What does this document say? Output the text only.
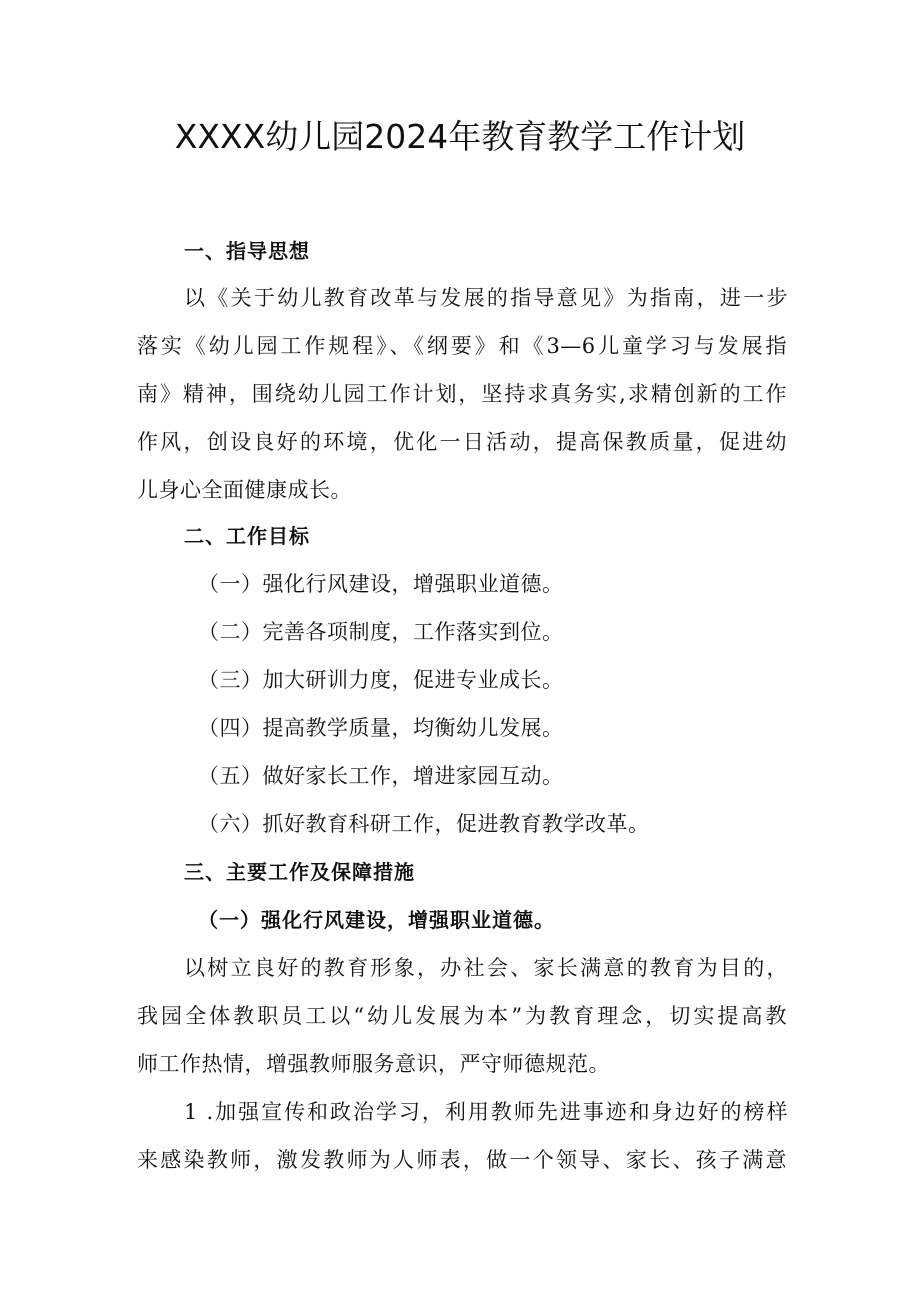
XXXX幼儿园2024年教育教学工作计划
一、指导思想
以《关于幼儿教育改革与发展的指导意见》为指南，进一步
落实《幼儿园工作规程》、《纲要》和《3—6儿童学习与发展指
南》精神，围绕幼儿园工作计划，坚持求真务实,求精创新的工作
作风，创设良好的环境，优化一日活动，提高保教质量，促进幼
儿身心全面健康成长。
二、工作目标
（一）强化行风建设，增强职业道德。
（二）完善各项制度，工作落实到位。
（三）加大研训力度，促进专业成长。
（四）提高教学质量，均衡幼儿发展。
（五）做好家长工作，增进家园互动。
（六）抓好教育科研工作，促进教育教学改革。
三、主要工作及保障措施
（一）强化行风建设，增强职业道德。
以树立良好的教育形象，办社会、家长满意的教育为目的，
我园全体教职员工以“幼儿发展为本”为教育理念，切实提高教
师工作热情，增强教师服务意识，严守师德规范。
1 .加强宣传和政治学习，利用教师先进事迹和身边好的榜样
来感染教师，激发教师为人师表，做一个领导、家长、孩子满意
